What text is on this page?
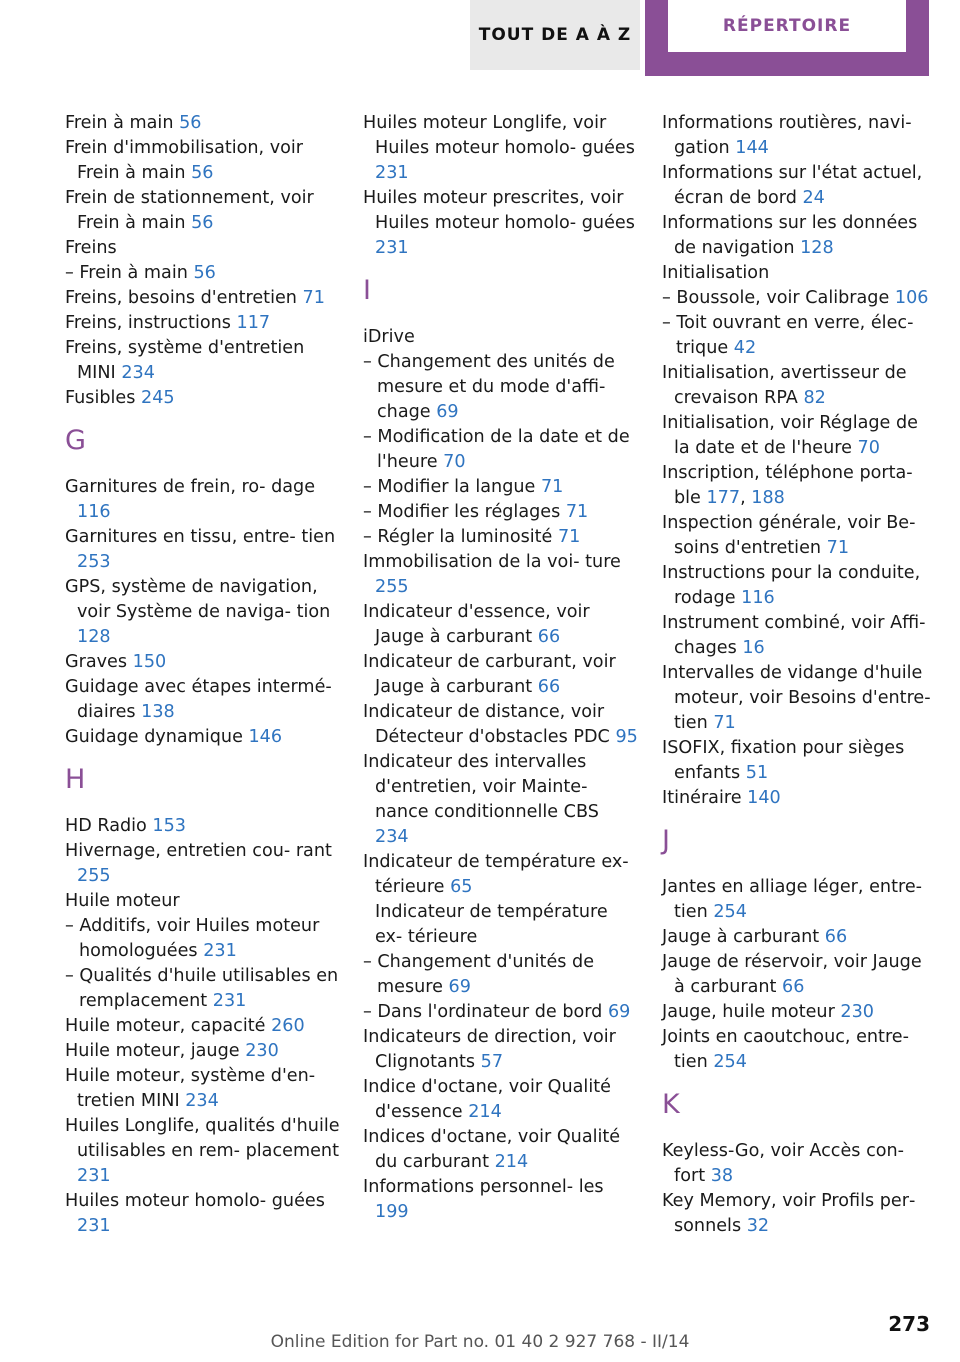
TOUT DE A À Z	RÉPERTOIRE
Frein à main 56
Frein d'immobilisation, voir Frein à main 56
Frein de stationnement, voir Frein à main 56
Freins
– Frein à main 56
Freins, besoins d'entretien 71
Freins, instructions 117
Freins, système d'entretien MINI 234
Fusibles 245
G
Garnitures de frein, ro‐ dage 116
Garnitures en tissu, entre‐ tien 253
GPS, système de navigation, voir Système de naviga‐ tion 128
Graves 150
Guidage avec étapes intermé‐ diaires 138
Guidage dynamique 146
H
HD Radio 153
Hivernage, entretien cou‐ rant 255
Huile moteur
– Additifs, voir Huiles moteur homologuées 231
– Qualités d'huile utilisables en remplacement 231
Huile moteur, capacité 260
Huile moteur, jauge 230
Huile moteur, système d'en‐ tretien MINI 234
Huiles Longlife, qualités d'huile utilisables en rem‐ placement 231
Huiles moteur homolo‐ guées 231
Huiles moteur Longlife, voir Huiles moteur homolo‐ guées 231
Huiles moteur prescrites, voir Huiles moteur homolo‐ guées 231
I
iDrive
– Changement des unités de mesure et du mode d'affi‐ chage 69
– Modification de la date et de l'heure 70
– Modifier la langue 71
– Modifier les réglages 71
– Régler la luminosité 71
Immobilisation de la voi‐ ture 255
Indicateur d'essence, voir Jauge à carburant 66
Indicateur de carburant, voir Jauge à carburant 66
Indicateur de distance, voir Détecteur d'obstacles PDC 95
Indicateur des intervalles d'entretien, voir Mainte‐ nance conditionnelle CBS 234
Indicateur de température ex‐ térieure 65
Indicateur de température ex‐ térieure
– Changement d'unités de mesure 69
– Dans l'ordinateur de bord 69
Indicateurs de direction, voir Clignotants 57
Indice d'octane, voir Qualité d'essence 214
Indices d'octane, voir Qualité du carburant 214
Informations personnel‐ les 199
Informations routières, navi‐ gation 144
Informations sur l'état actuel, écran de bord 24
Informations sur les données de navigation 128
Initialisation
– Boussole, voir Calibrage 106
– Toit ouvrant en verre, élec‐ trique 42
Initialisation, avertisseur de crevaison RPA 82
Initialisation, voir Réglage de la date et de l'heure 70
Inscription, téléphone porta‐ ble 177, 188
Inspection générale, voir Be‐ soins d'entretien 71
Instructions pour la conduite, rodage 116
Instrument combiné, voir Affi‐ chages 16
Intervalles de vidange d'huile moteur, voir Besoins d'entre‐ tien 71
ISOFIX, fixation pour sièges enfants 51
Itinéraire 140
J
Jantes en alliage léger, entre‐ tien 254
Jauge à carburant 66
Jauge de réservoir, voir Jauge à carburant 66
Jauge, huile moteur 230
Joints en caoutchouc, entre‐ tien 254
K
Keyless-Go, voir Accès con‐ fort 38
Key Memory, voir Profils per‐ sonnels 32
273
Online Edition for Part no. 01 40 2 927 768 - II/14
